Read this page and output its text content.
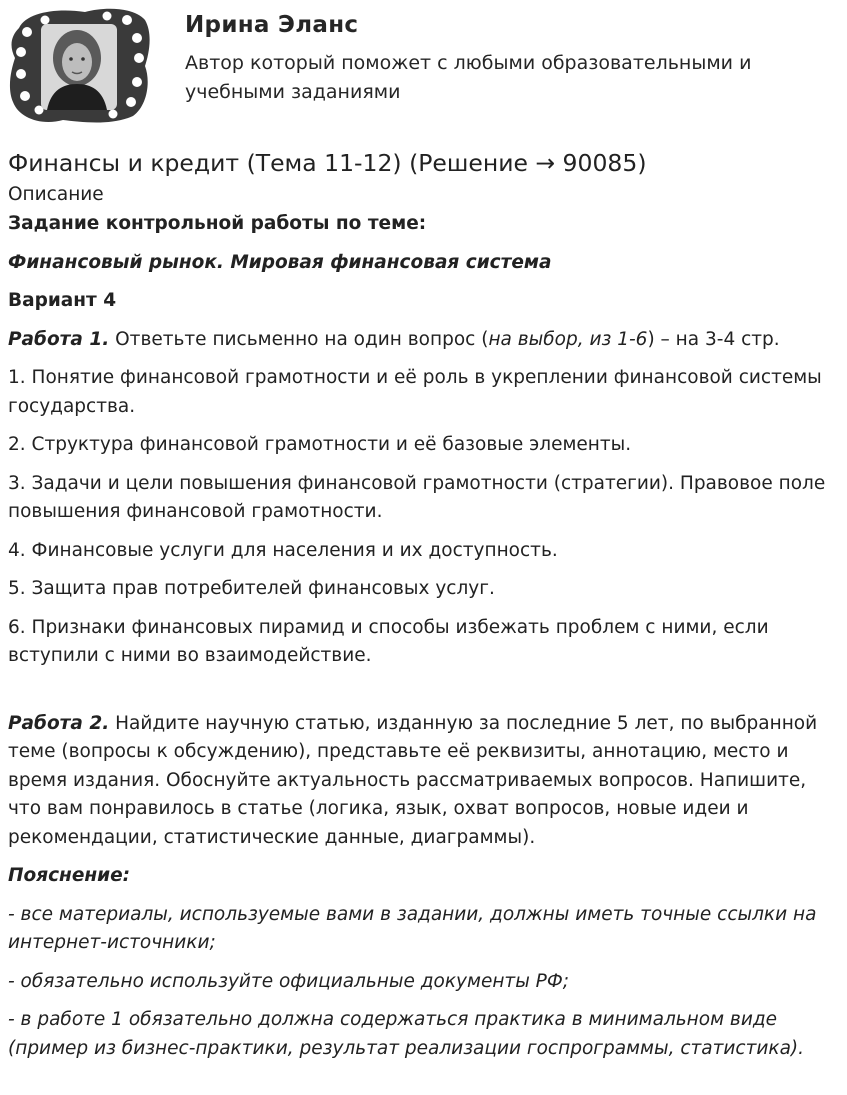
Ирина Эланс
Автор который поможет с любыми образовательными и учебными заданиями
Финансы и кредит (Тема 11-12) (Решение → 90085)
Описание

Задание контрольной работы по теме:

Финансовый рынок. Мировая финансовая система

Вариант 4

Работа 1. Ответьте письменно на один вопрос (на выбор, из 1-6) – на 3-4 стр.

1. Понятие финансовой грамотности и её роль в укреплении финансовой системы государства.

2. Структура финансовой грамотности и её базовые элементы.

3. Задачи и цели повышения финансовой грамотности (стратегии). Правовое поле повышения финансовой грамотности.

4. Финансовые услуги для населения и их доступность.

5. Защита прав потребителей финансовых услуг.

6. Признаки финансовых пирамид и способы избежать проблем с ними, если вступили с ними во взаимодействие.

Работа 2. Найдите научную статью, изданную за последние 5 лет, по выбранной теме (вопросы к обсуждению), представьте её реквизиты, аннотацию, место и время издания. Обоснуйте актуальность рассматриваемых вопросов. Напишите, что вам понравилось в статье (логика, язык, охват вопросов, новые идеи и рекомендации, статистические данные, диаграммы).

Пояснение:

- все материалы, используемые вами в задании, должны иметь точные ссылки на интернет-источники;

- обязательно используйте официальные документы РФ;

- в работе 1 обязательно должна содержаться практика в минимальном виде (пример из бизнес-практики, результат реализации госпрограммы, статистика).
